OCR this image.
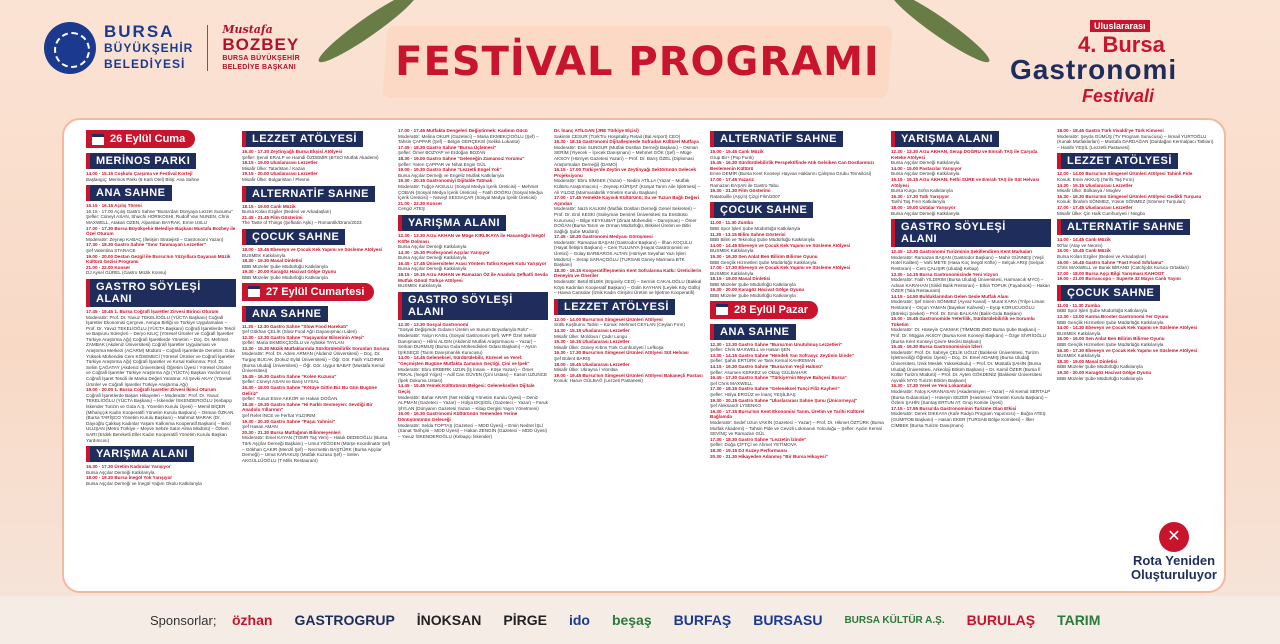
BURSA
BÜYÜKŞEHİR
BELEDİYESİ
Mustafa
BOZBEY
BURSA BÜYÜKŞEHİR
BELEDİYE BAŞKANI FESTİVAL PROGRAMI
Uluslararası
4. Bursa
Gastronomi
Festivali
26 Eylül Cuma
MERİNOS PARKI
14.00 - 15.15 Coşkulu Çarşıma ve Festival Kortejî
Başlangıç: Merinos Parkı (8 Katlı Otel) Bitiş: Ana Sahne
ANA SAHNE
15.15 - 16.15 Açılış Töreni
16.15 - 17.00 Açılış Gastro Sahne "Bursa'dan Dünyaya Lezzet Sunumu" Şefler: Cüneyt ASAN, Shuichi HORIKOSHI, Rudolf Van NUNEN, Chris MAXWELL, Atakan OZEN, Alparslan BAYRAK, Emre USLU
17.00 - 17.30 Bursa Büyükşehir Belediye Başkanı Mustafa Bozbey ile Özel Oturum
Moderatör: Zeynep KABAÇ (İletişim Stratejisti – Gastronomi Yazarı)
17.30 - 18.30 Gastro Sahne "Sınır Tanımayan Lezzetler"
Şef Valentina STARACE
19.00 - 20.00 Destan Gezgil ile Bursa'nın Yüzyıllara Dayanan Müzik Kültürü Gezisi Programı
21.00 - 22.00 Konser
DJ Aysel GÜREL (Gastro Müzik Konsu)
GASTRO SÖYLEŞİ ALANI
17.45 - 18.45 1. Bursa Coğrafi İşaretler Zirvesi Birinci Oturum
Moderatör: Prof. Dr. Yavuz TEKELİOĞLU (YÜCTA Başkanı) Coğrafi İşaretler Ekonomisi Çerçeve, Avrupa Birliği ve Türkiye Uygulamaları – Prof. Dr. Yavuz TEKELİOĞLU (YÜCTA Başkanı) Coğrafi İşaretlerde Tescil ve Başvuru Süreçleri – Deryo KILIÇ (Yöresel Ürünler ve Coğrafi İşaretler Türkiye Araştırma Ağı) Coğrafi İşaretlerde Yönetim – Doç. Dr. Mehmet ZAMBAK (Akdeniz Üniversitesi) Coğrafi İşaretler Uygulaması ve Araştırma Merkezi (ACARM) Müdürü – Coğrafi İşaretlerde Denetim: Gıda Yüksek Mühendisi Cem KÖSEMECİ (Yöresel Ürünler ve Coğrafi İşaretler Türkiye Araştırma Ağı) Coğrafi İşaretler ve Kırsal Kalkınma: Prof. Dr. Selim ÇAĞATAY (Akdeniz Üniversitesi) Öğretim Üyesi / Yöresel Ürünler ve Coğrafi İşaretler Türkiye Araştırma Ağı (YÜCTA) Başkan Yardımcısı) Coğrafi İşaret Tescili ile Marka Değeri Yaratma: Ali Şevki AKAY (Yöresel Ürünler ve Coğrafi İşaretler Türkiye Araştırma Ağı)
19.00 - 20.00 1. Bursa Coğrafi İşaretler Zirvesi İkinci Oturum
Coğrafi İşaretlerde Başarı Hikayeleri – Moderatör: Prof. Dr. Yavuz TEKELİOĞLU (YÜCTA Başkanı) – İskender İSKENDEROĞLU (Kebapçı İskender Turizm ve Gıda A.Ş. Yönetim Kurulu Üyesi) – Memil BİÇER (Mihalıççık Kadın Kooperatifi Yönetim Kurulu Başkanı) – Osman ÖZKAN (Bursa TARİŞCO Yönetim Kurulu Başkanı) – Mahmut MARAK (Dr. Dayıoğlu Çakkuş Kadınlar Yaşam Kalkınma Kooperatif Başkanı) – Birol ULUŞAN (Metro Türkiye – Meyve Sebze Satın Alma Müdürü) – Özlem SARI (Erdek Bereketli Eller Kadın Kooperatifi Yönetim Kurulu Başkan Yardımcısı)
YARIŞMA ALANI
16.30 - 17.30 Üretim Kadıralar Yarışıyor
Bursa Aşçılar Derneği Katkılarıyla
18.00 - 19.30 Bursa İnegöl Yok Yarışıyor
Bursa Aşçılar Derneği ve İnegöl Yağım Okulu Katkılarıyla
LEZZET ATÖLYESİ
16.30 - 17.30 Zeytinyağlı Bursa Ekşisi Atölyesi
Şefler: Şenol ERALP ve Hamdi ÖZDEMİR (BTSO Mutfak Akademi)
18.15 - 19.00 Uluslararası Lezzetler
Misafir Ülke: Tatarlstan / Kazan
19.15 - 20.00 Uluslararası Lezzetler
Misafir Ülke: Bulgaristan / Plevne
ALTERNATİF SAHNE
18.15 - 19.00 Canlı Müzik
Bursa Kolan Ezgiler (Bedevi ve Arkadaşları)
21.45 - 21.45 Film Gösterimi
The Taste of Things (Şefkatin Aşkı) – Romantik/Dram/2023
ÇOCUK SAHNE
18.00 - 18.45 Ebeveyn ve Çocuk Kek Yapımı ve Süsleme Atölyesi
BUSMEK Katkılarıyla
18.30 - 19.30 Masal Dinletisi
BBB Müzeler Şube Müdürlüğü Katkılarıyla
19.30 - 20.00 Karagöz Hacivat Gölge Oyunu
BBB Müzeler Şube Müdürlüğü Katkılarıyla
27 Eylül Cumartesi
ANA SAHNE
11.30 - 12.30 Gastro Sahne "Slow Food Harekatı"
Şef Gökhan ÇELİK (Slow Food Ağrı Dayanışmacı Lideri)
12.30 - 13.30 Gastro Sahne "Yaşayanlar Bilserinin Ateşi"
Şefler: Maria EKMEKÇİOĞLU ve Aybüke TAYLAN
13.30 - 15.30 Müzik Mutfaklarında Sürdürülebilirlik Sorunları Sorusu
Moderatör: Prof. Dr. Adem ARMAN (Akdeniz Üniversitesi) – Doç. Dr. Turgay BUCAK (Dokuz Eylül Üniversitesi) – Öğr. Gör. Fatih YILDIRIM (Bursa Uludağ Üniversitesi) – Öğr. Gör. Uygur BABAT (Mustafa Kemal Üniversitesi)
15.45 - 16.30 Gastro Sahne "Kolen Kuzusu"
Şefler: Cüneyt ASAN ve Barış UYSAL
16.30 - 18.00 Gastro Sahne "Kötüye Gittin Biz Bu Gün Bugüne Geliriz"
Şefler: Yunus Emre AKKOR ve Hakan DOĞAN
18.45 - 19.30 Gastro Sahne "Hi Farklı Sevmeyen: Sevdiği Bir Anadolu Yıllarının"
Şef Refet İNCE ve Ferhat YILDIRIM
19.30 - 20.30 Gastro Sahne "Paşaı Yahnisi"
Şef Hasan AMAN
20.30 - 21.30 Bursa Mutfağının Bilinmeyenleri
Moderatör: Emel KAYAN (TGMR Taş Yem) – Haluk DEDEOĞLU (Bursa Türk Aşçılar Derneği Başkanı) – Umut YEĞGEN (Mürşe Koordinatör Şef) – Gökhan ÇAKIR (Menzil Şef) – Necmettin BAŞTÜRK (Bursa Aşçılar Derneği) – Umut KARAKUŞ (Mutfak Kuzusu Şef) – Selen AKGÜLLÜOĞLU (T Milis Restaurant)
17.00 - 17.45 Mutfakta Dengeleri Değiştirmek: Kadının Gücü
Moderatör: Melina OKUR (Gazeteci) – Maria EKMEKÇİOĞLU (Şef) – Tahsin ÇAPPAR (Şef) – Belgin GERÇEKSİ (Selika Lokanta)
17.45 - 18.30 Gastro Sahne "Bursa Üçlemesi"
Şefler: Ömer BOZYAP ve Erdoğan BOZAN
18.30 - 19.00 Gastro Sahne "Geleneğin Zamansız Yorumu"
Şefler: Yaren ÇAPPAR ve Nihat Engin GÜL
19.00 - 19.30 Gastro Sahne "Lezzetli Engel Yok"
Bursa Aşçılar Derneği ve Engeliz Mutfak Katkılarıyla
19.30 - 20.15 Gastronomiyi Dijitalde Tatmak
Moderatör: Tuğçe AKSULU (Sosyal Medya İçerik Üreticisi) – Mehmet ÇOBAN (Sosyal Medya İçerik Üreticisi) – Fatih DOĞRU (Sosyal Medya İçerik Üreticisi) – Nüveyl SESSAÇAR (Sosyal Medya İçerik Üreticisi)
21.00 - 22.30 Konser
Cengiz ATEŞ
YARIŞMA ALANI
12.30 - 13.30 Arzu AKHAN ve Müge KIRLIKAYA ile Hasanoğlu İnegöl Köfte Dolması
Bursa Aşçılar Derneği Katkılarıyla
14.30 - 15.30 Profesyonel Aşçılar Yarışıyor
Bursa Aşçılar Derneği Katkılarıyla
16.45 - 17.45 Üniversiteler Arası Yöntem Tatlısı Kepek Kutu Yarışıyor
Bursa Aşçılar Derneği Katkılarıyla
18.15 - 19.15 Arzu AKHAN ve Ramazan ÖZ ile Anadolu Şefkatli Sevda Mutfak Gönül Türkçe Atölyesi
BUSMEK Katkılarıyla
GASTRO SÖYLEŞİ ALANI
12.30 - 13.30 Sosyal Gastronomi
"Sosyal Değişimde Gıdanın Üretim ve Sunum Boyutlarıyla Rolü" – Moderatör: Yalçın KASIL (Sosyal Gastronomi Şefi, WFP Özel Sektör Danışmanı) – Hilmi ALGIN (Akdeniz Mutfak Araştırmacısı – Yazar) – Serkan DURMUŞ (Bursa Gıda Mühendisleri Odası Başkanı) – Aysın İŞIKSEÇE (Tarım Danışmanlık Kurucusu)
14.00 - 14.45 Geleneksel, Sürdürülebilir, Küresel ve Yerel: "Geçmişten Bugüne Mutfakta Zamanın Geçtiği, Çini ve İpek"
Moderatör: Ebru ERBERK UZUN (İş İnsanı – Köşe Yazarı) – Ömer PEKAL (İnegöl Yılgıs) – Adil Can GÜVEN (Çini Ustası) – Kasım UZUNCE (İpek Dokuma Ustası)
14.45 - 15.45 Yemek Kültürünün Belgesi: Geleneksellen Dijitale Geçiş
Moderatör: Bahar ARAR (Net Holding Yönetim Kurulu Üyesi) – Deniz ALPMAN (Gazeteci – Yazar) – Hülya EKŞİGİL (Gazeteci – Yazar) – Faruk ŞİYLAN (Dünyanın Gazetesi Yazarı – Kitap Dergisi Yayın Yönetmeni)
16.00 - 16.30 Gastronomi Kültürünün Yemenden Yerine Dönüşümünün Geleceği
Moderatör: Selda TOPTAŞ (Gazeteci – MDD Üyesi) – Emin Nedret İŞLİ (Sanat Tarihçisi – MDD Üyesi) – Hakan ZENGİN (Gazeteci – MDD Üyesi) – Yavuz İSKENDEROĞLU (Kebapçı İskender)
Dr. İnanç ATİLGAN (JRE Türkiye Elçisi)
Sakintin CESUR (TürkTru Hospitality Retail (Bal Airport) CEO)
16.30 - 18.15 Gastronomi Dijitalleşmede Sofradan Kültürel Mutfaya
Moderatör: Esin SUNGUR (Mutfak Dostları Derneği Başkanı) – Osman SERİM (Yiyecek – İçecek Danışmanı) – Mehmet GÖK (Şef) – Müge AKSOY (Hürriyet Gazetesi Yazarı) – Prof. Dr. Barış ÖZEL (Diplomasi Araştırmaları Derneği) (DAMO)
16.15 - 17.00 Türkiye'de Zeytin ve Zeytinyağı Sektörünün Gelecek Projeksiyonu
Moderatör: Ebru SİMSEK (Yazar) – Nedim ATİLLA (Yazar – Mutfak Kültürü Araştırmacısı) – Zeynep KÜRŞAT (Kürşat Tarım Aile İşletmesi) – Ali YILDIZ (Marmarabirlik Yönetim Kurulu Başkanı)
17.00 - 17.45 Yemekte Kayısık Kültürünü; Su ve Tuzun Bağlı Değeri Açından
Moderatör: Nazlı KALKIM (Mutfak Dostları Derneği Genel Sekreteri) – Prof. Dr. Erol KESKİ (Süleyman Demirel Üniversitesi Su Enstitüsü Kurucusu) – Bilge KEYKUBAT (Ziraat Mühendisi – Danışman) – Ömer DOĞAN (Bursa Tarım ve Orman Müdürlüğü, Bitkisel Üretim ve Bitki Sağlığı Şube Müdürü)
17.45 - 18.30 Gastronomi Medyası Görüşmesi
Moderatör: Ramazan BAŞAN (Gastrodor Başkanı) – İlhan KOÇULU (Hayat İletişim Başkanı) – Cem TULUNYA (Hayat Gastronomisi ve Üretici) – Gülay BARBAROS ALTAN (Hürriyet Seyahat Yazı İşleri Müdürü) – Serap SARAÇOĞLU (TURSAB Güney Marmara BTK Başkanı)
18.30 - 19.15 Kooperatifleşmenin Kent Sofralarına Katkı: Üreticilerin Deneyim ve Öneriler
Moderatör: Betül BİLBİK (Ergovity CEO) – Sermin CAKALOĞLU (Bakkal Köyü Kadınları Kooperatif Başkanı) – Gülin KAYHAN (Leylek Köy Güllü) – Havva Cansolar (İznik Kadın Girişimi Üretim ve İşletme Kooperatifi)
LEZZET ATÖLYESİ
12.00 - 14.00 Bursa'nın Simgesel Ürünleri Atölyesi
Sütlü Kuşburnu Tatlısı – Konuk: Mehmet CEYLAN (Ceylan Fırın)
14.30 - 15.15 Uluslararası Lezzetler
Misafir Ülke: Moldova / Çadır Lungu
15.30 - 16.15 Uluslararası Lezzetler
Misafir Ülke: Güney Kıbrıs Türk Cumhuriyeti / Lefkoşa
16.30 - 17.30 Bursa'nın Simgesel Ürünleri Atölyesi Süt Helvası
Şef Bülent BARIŞ
18.00 - 18.45 Uluslararası Lezzetler
Misafir Ülke: Ukrayna / Vinnitsa
19.00 - 19.45 Bursa'nın Simgesel Ürünleri Atölyesi Bakaneçli Pastası
Konuk: Harun GÜLBAĞ (Lezzeti Pastanesi)
ALTERNATİF SAHNE
15.00 - 15.45 Canlı Müzik
Grup Bir+ (Pop Funk)
15.45 - 16.30 Sürdürülebilirlik Perspektifinde Atık Gelsiken Can Dostlarımızı Beslemenin Kültürü
Emre DEMİR (Bursa Kent Konseyi Hayvan Haklarını Çalışma Grubu Temsilcisi)
17.00 - 17.45 Yazarız
Ramazan BAŞAN ile Gastro Tabu
19.30 - 21.30 Film Gösterimi
Ratatouille (Aşçılı) Çizgi Film/2007
ÇOCUK SAHNE
11.00 - 11.30 Zumba
BBB Spor İşleri Şube Müdürlüğü Katkılarıyla
11.30 - 13.15 Bilim Sahne Gösterisi
BBB Bilim ve Teknoloji Şube Müdürlüğü Katkılarıyla
14.00 - 14.45 Ebeveyn ve Çocuk Kek Yapımı ve Süsleme Atölyesi
BUSMEK Katkılarıyla
15.30 - 16.30 Sen Anlat Ben Bilirim Bilirme Oyunu
BBB Gençlik Hizmetleri Şube Müdürlüğü Katkılarıyla
17.00 - 17.30 Ebeveyn ve Çocuk Kek Yapımı ve Süsleme Atölyesi
BUSMEK Katkılarıyla
18.15 - 19.00 Masal Dinletisi
BBB Müzeler Şube Müdürlüğü Katkılarıyla
19.30 - 20.00 Karagöz Hacivat Gölge Oyunu
BBB Müzeler Şube Müdürlüğü Katkılarıyla
28 Eylül Pazar
ANA SAHNE
12.30 - 13.30 Gastro Sahne "Bursa'nın Unutulmuş Lezzetleri"
Şefler: Chris MAXWELL ve Hasan ŞEN
13.30 - 14.15 Gastro Sahne "Hendek Yan Sofrasyı: Zeytinin İzinde"
Şefler: Şahin ERTÜRK ve Tarık Kemal KAHREMAN
14.15 - 16.30 Gastro Sahne "Bursa'nın Yeşil Halüsü"
Şefler: Asumen KERKEZ ve Oktay GÜLBAHAR
16.45 - 17.30 Gastro Sahne "Türkiye'nin Meyve Bahçesi Bursa"
Şef Chris MAXWELL
17.30 - 18.15 Gastro Sahne "Geleneksel Tunçi Filiz Kayheri"
Şefler: Hülya ERGÜZ ve İnanç YEŞİLBAŞ
19.30 - 20.15 Gastro Sahne "Uluslararası Sahne Şunu (Ünicorneya)"
Şef Aleksandr LYSENKO
16.30 - 17.15 Bursa'nın Kent Ekonomisi Tarım, Üretim ve Tarihi Kültürel Bağlamda
Moderatör: Sedef Uzun VAKİN (Gazeteci – Yazar) – Prof. Dr. Hikmet ÖZTÜRK (Bursa Mutfak Akademi) – Tahsin Pide ve Cevizli Lokmanın Yolculuğu – Şefler: Aydın Kemal SEVİNÇ ve Ramazan GÜL
17.30 - 18.30 Gastro Sahne "Lezzetin İzinde"
Şefler: Doğa ÇİFTÇİ ve Ahmet YETİMOVA
18.30 - 19.15 DJ Kuzey Performansı
20.30 - 21.30 Hikayeden Adanmış "Bir Bursa Hikayesi"
YARIŞMA ALANI
12.30 - 13.30 Arzu AKHAN, Serap DOĞRU ve Emrah TAŞ ile Çarşıda Keteke Atölyesi
Bursa Aşçılar Derneği Katkılarıyla
14.00 - 15.00 Pastacılar Yarışıyor
Bursa Aşçılar Derneği Katkılarıyla
15.15 - 16.15 Arzu AKHAN, Fethi SÜRE ve Emrah TAŞ ile Süt Helvası Atölyesi
Bursa Kurgu Sofra Katkılarıyla
16.30 - 17.30 Tatlı Yarışıyor
Tarihi Taş Fırın Katkılarıyla
18.00 - 19.00 Ustalar Yarışıyor
Bursa Aşçılar Derneği Katkılarıyla
GASTRO SÖYLEŞİ ALANI
12.45 - 13.30 Gastronomi Turizminin Şekillendiren Kent Markaları
Moderatör: Ramazan BAŞAN (Gastrodor Başkanı) – Mahir GÜNNEŞ (Yeşil Hotel Kaliteri) – Vahi METE (Hasa Koç İnegöl Köfte) – Selçuk ARIŞ (Selçuk Restoran) – Cem ÇALIŞIR (Uludağ Kebap)
13.30 - 14.15 Bursa Gastronomisinde Yeni Vizyon
Moderatör: Fatih YILDIRIM (Bursa Uludağ Üniversitesi, Harmancık MYO) – Adnan KARAHAN (Sirikli Balık Restoran) – Erkin TOPUK (Fayabook) – Hakan ÖZER (Tala Restaurant)
14.15 - 14.50 Bulduklarından Gelen Sesle Mutfak Alanı
Moderatör: Şef Sinem SÖNMEZ (Ayvaz Kanal) – Murat KARA (Trilye Liman Restoran) – Orçun YAMAN (Bayeker Kahvesi) – Eyüp KORUCUOĞLU (Börekçi Şevket) – Prof. Dr. Emin BALKAN (Balık-Gıda Başkanı)
15.00 - 15.45 Gastronomide Yeterlilik, Sürdürülebilirlik ve Sorumlu Tüketim
Moderatör: Dr. Hüseyin ÇAKMAK (TİMMOB ZMO Bursa Şube Başkanı) – Prof. Dr. Müjgan AKSOY (Bursa Kent Konseyi Başkanı) – Özge SİVRİOĞLU (Bursa Kent Konseyi Çevre Meclisi Başkanı)
15.45 - 16.30 Bursa Gastronomisinin İzleri
Moderatör: Prof. Dr. Sabriye ÇELİK UĞUZ (Balıkesir Üniversitesi, Turizm İşletmeciliği Öğretim Üyesi) – Doç. Dr. Emel ADAMIŞ (Bursa Uludağ Üniversitesi, İznik Meslek Yüksekokulu) – Prof. Dr. Müstafa ŞAHİN (Bursa Uludağ Üniversitesi, Arkeoloji Bölüm Başkanı) – Dr. Kamil ÖZER (Bursa İl Kültür Turizm Müdürü) – Prof. Dr. Ayten GÖKDENİZ (Balıkesir Üniversitesi Ayvalık MYO Turizm Bölüm Başkanı)
16.30 - 17.30 Yerel ve Yeni Lokantalar
Moderatör: Fatoş KARANASAN (Akademisyen – Yazar) – Ali Kemal SERTALP (Bursa Gıdanımlar) – Hüseyin SEZER (Hasrossul Yönetim Kurulu Başkanı) – Özlem ŞAHİN (Sarıtaş ERTUN AT. Grup Komite Üyesi)
17.15 - 17.55 Bursa'da Gastronominin Turizme Olan Etkisi
Moderatör: Derek DIKKAYA (Kafe Radyo Program Yapımcısı) – Buğra ATEŞ (GUMITOB Başkanı) – Hasan EKER (TURSAB Bölge Komitesi) – İlker CİMBEK (Bursa Turizm Danışmanı)
18.00 - 18.45 Gastro Türk Vivaldi'ye Türk Kimsesi
Moderatör: Şeyda GÜMÜŞ (TV Program Sunucusu) – İsmail YURTOĞLU (Kunak Mutfaklarları) – Mustafa DARDAĞAN (Dardağan Kermalpacı Tatlıları) – Hanife YEŞİL (Lezzetli Pastanesi)
LEZZET ATÖLYESİ
12.00 - 14.00 Bursa'nın Simgesel Ürünleri Atölyesi Tahinli Pide
Konuk: Emin AKKUŞ (Tarihi Taş Fırın)
14.30 - 15.15 Uluslararası Lezzetler
Misafir Ülke: Bolkavya / Moglev
15.30 - 16.30 Bursa'nın Simgesel Ürünleri Atölyesi Gedikli Turşusu
Konuk: İbrahim SÖNMEZ, Yüsün SÖNMEZ (Sönmez Turşuları)
17.00 - 17.45 Uluslararası Lezzetler
Misafir Ülke: Çin Halk Cumhuriyeti / Ningbo
ALTERNATİF SAHNE
14.00 - 14.45 Canlı Müzik
90'lar (Atay ve Neorin)
15.00 - 15.45 Canlı Müzik
Bursa Kolan Ezgiler (Bedevi ve Arkadaşları)
16.00 - 16.45 Gastro Sahne "Fast Food Sıfırlama"
Chris MAXWELL ve Burak BİRAND (Catchjobs Kurucu Ortakları)
17.00 - 18.00 Bursa Aşçı Bilgi Yarışması KAHOOT
19.00 - 21.00 Burrascopo – Superte 32 Mayıs Canlı Yayını
ÇOCUK SAHNE
11.00 - 11.30 Zumba
BBB Spor İşleri Şube Müdürlüğü Katkılarıyla
13.30 - 13.00 Karma Broster Gastronomi Yer Oyunu
BBB Gençlik Hizmetleri Şube Müdürlüğü Katkılarıyla
14.00 - 14.30 Ebeveyn ve Çocuk Kek Yapımı ve Süsleme Atölyesi
BUSMEK Katkılarıyla
15.00 - 16.00 Sen Anlat Ben Bilirim Bilirme Oyunu
BBB Gençlik Hizmetleri Şube Müdürlüğü Katkılarıyla
16.30 - 17.30 Ebeveyn ve Çocuk Kek Yapımı ve Süsleme Atölyesi
BUSMEK Katkılarıyla
18.30 - 19.00 Masal Dinletisi
BBB Müzeler Şube Müdürlüğü Katkılarıyla
19.30 - 20.00 Karagöz Hacivat Gölge Oyunu
BBB Müzeler Şube Müdürlüğü Katkılarıyla
✕
Rota Yeniden
Oluşturuluyor
Sponsorlar;	özhan GASTROGRUP İNOKSAN PİRGE ido beşaş BURFAŞ BURSASU BURSA KÜLTÜR A.Ş. BURULAŞ TARIM
